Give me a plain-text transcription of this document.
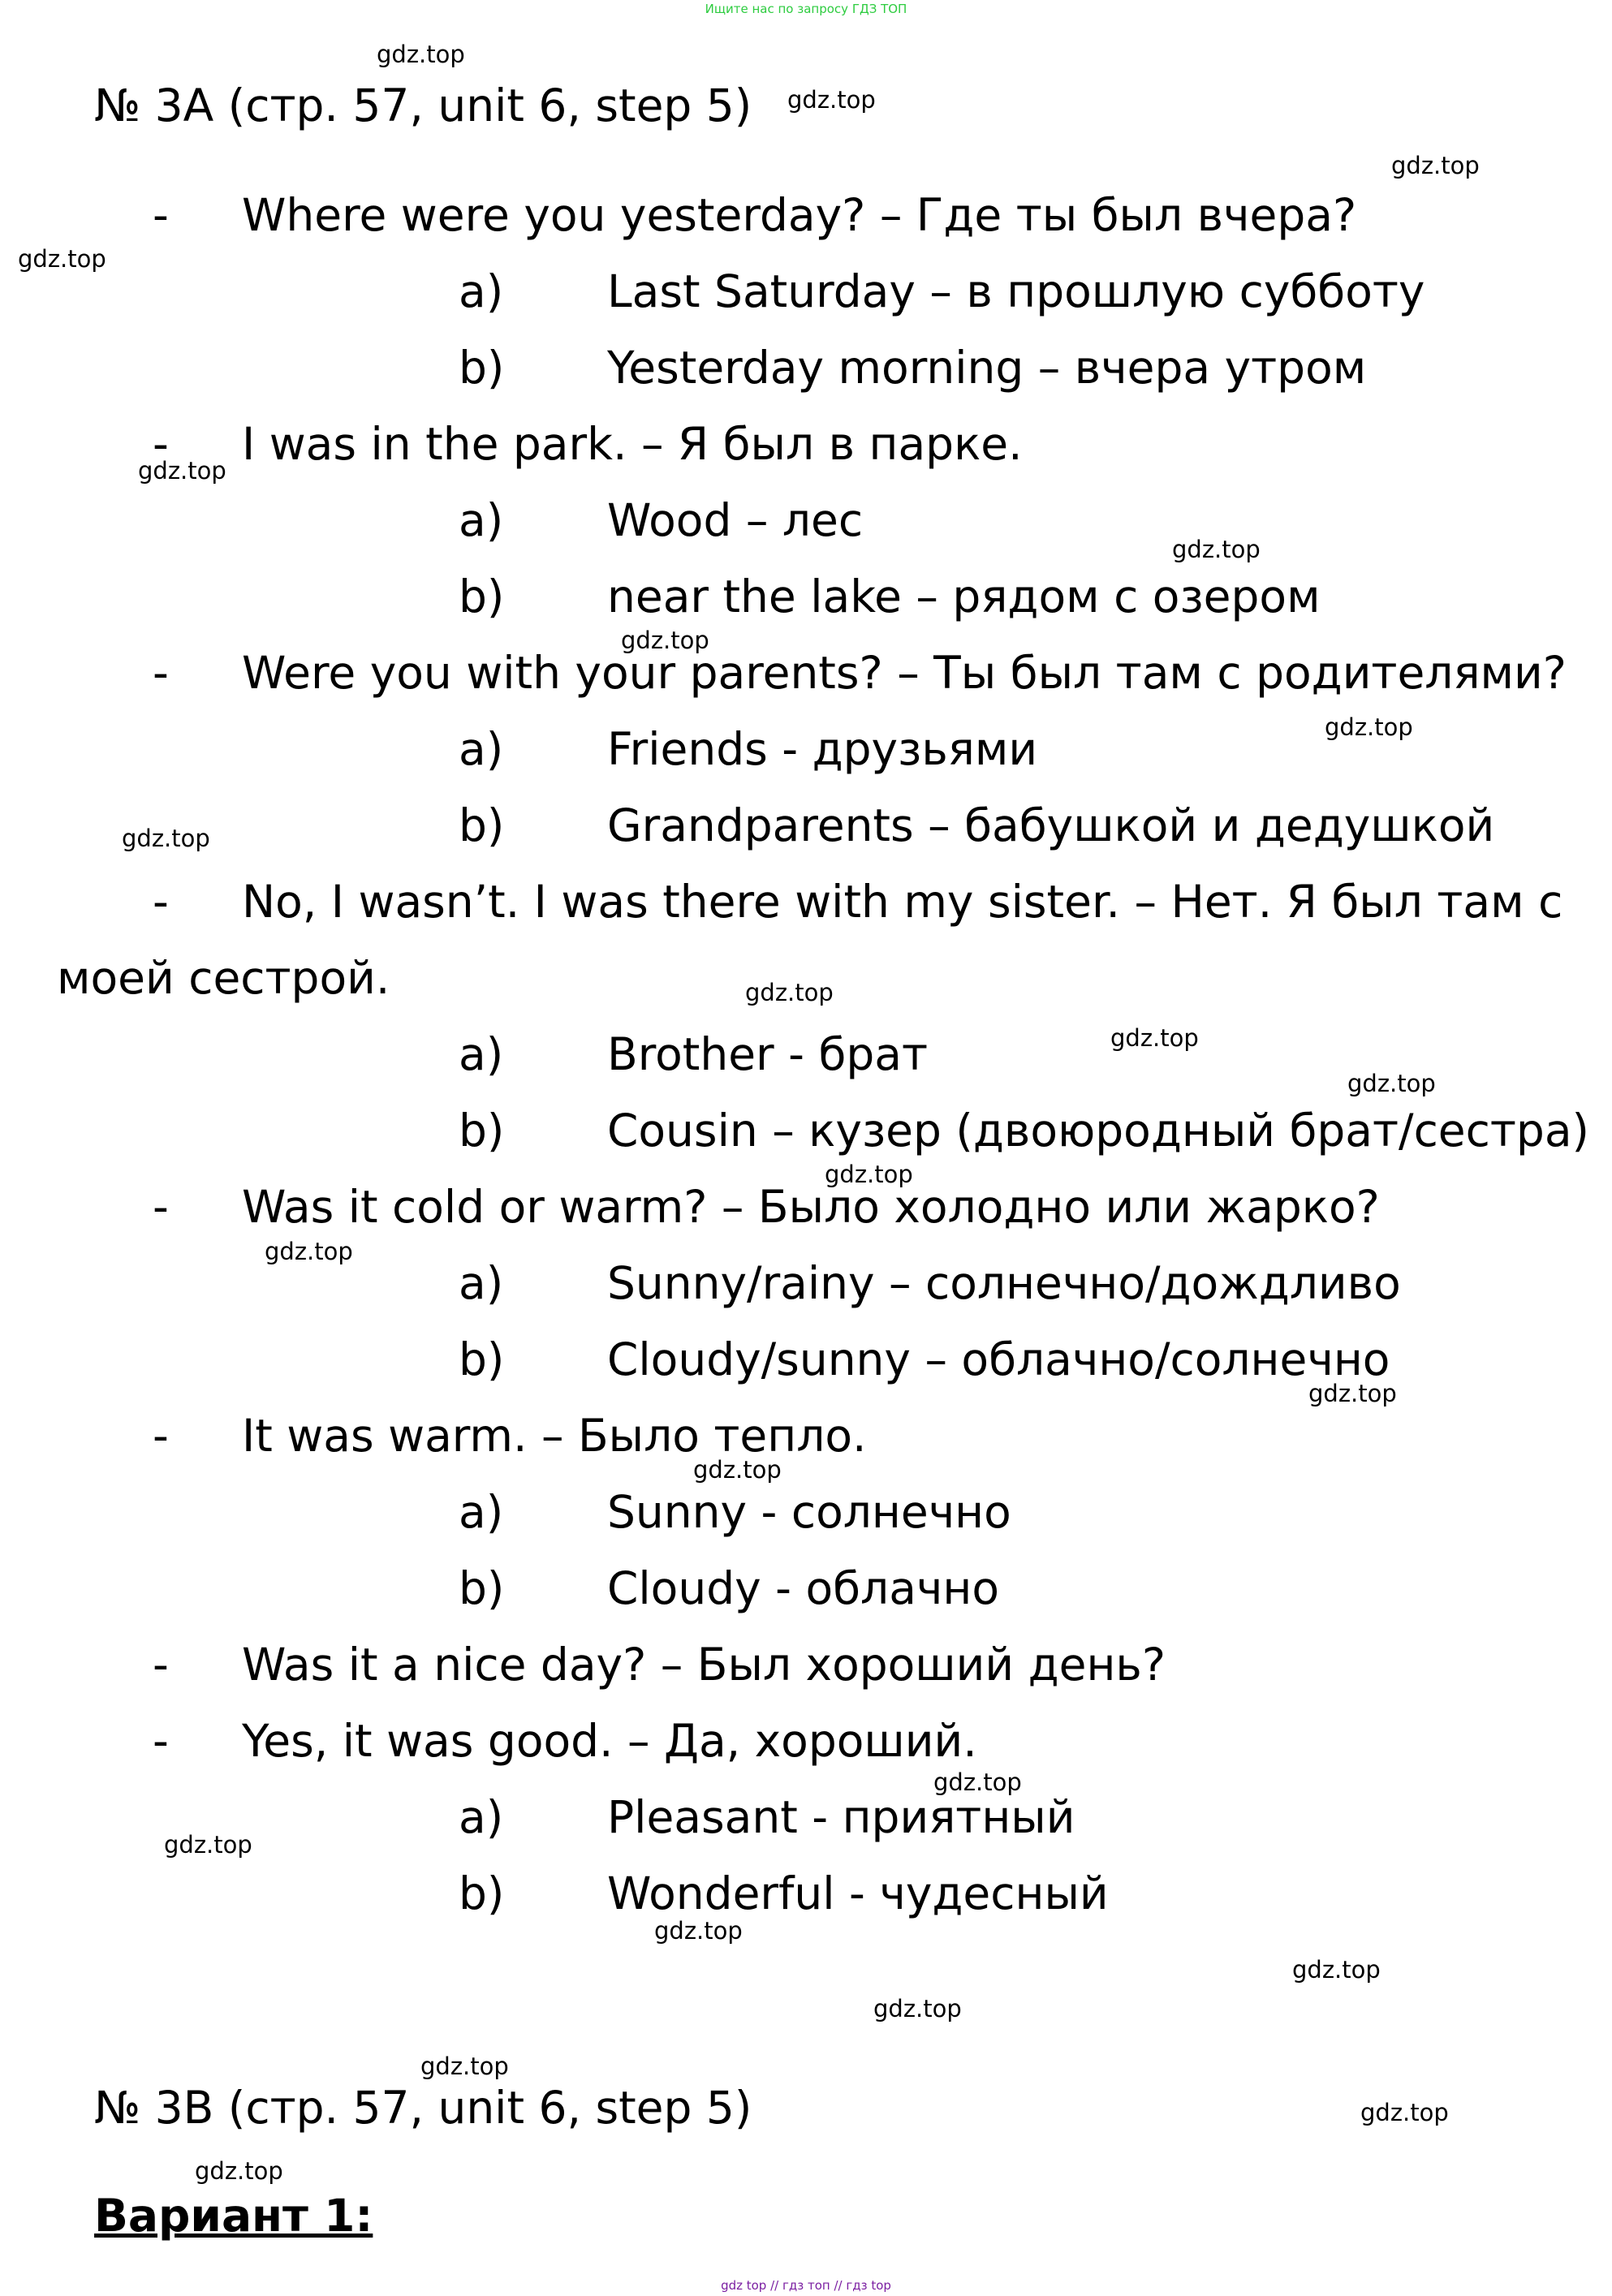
Ищите нас по запросу ГДЗ ТОП
№ 3А (стр. 57, unit 6, step 5)
- Where were you yesterday? – Где ты был вчера?
a) Last Saturday – в прошлую субботу
b) Yesterday morning – вчера утром
- I was in the park. – Я был в парке.
a) Wood – лес
b) near the lake – рядом с озером
- Were you with your parents? – Ты был там с родителями?
a) Friends - друзьями
b) Grandparents – бабушкой и дедушкой
- No, I wasn’t. I was there with my sister. – Нет. Я был там с
моей сестрой.
a) Brother - брат
b) Cousin – кузер (двоюродный брат/сестра)
- Was it cold or warm? – Было холодно или жарко?
a) Sunny/rainy – солнечно/дождливо
b) Cloudy/sunny – облачно/солнечно
- It was warm. – Было тепло.
a) Sunny - солнечно
b) Cloudy - облачно
- Was it a nice day? – Был хороший день?
- Yes, it was good. – Да, хороший.
a) Pleasant - приятный
b) Wonderful - чудесный
№ 3В (стр. 57, unit 6, step 5)
Вариант 1:
gdz.top
gdz.top
gdz.top
gdz.top
gdz.top
gdz.top
gdz.top
gdz.top
gdz.top
gdz.top
gdz.top
gdz.top
gdz.top
gdz.top
gdz.top
gdz.top
gdz.top
gdz.top
gdz.top
gdz.top
gdz.top
gdz.top
gdz.top
gdz.top
gdz top // гдз топ // гдз top
